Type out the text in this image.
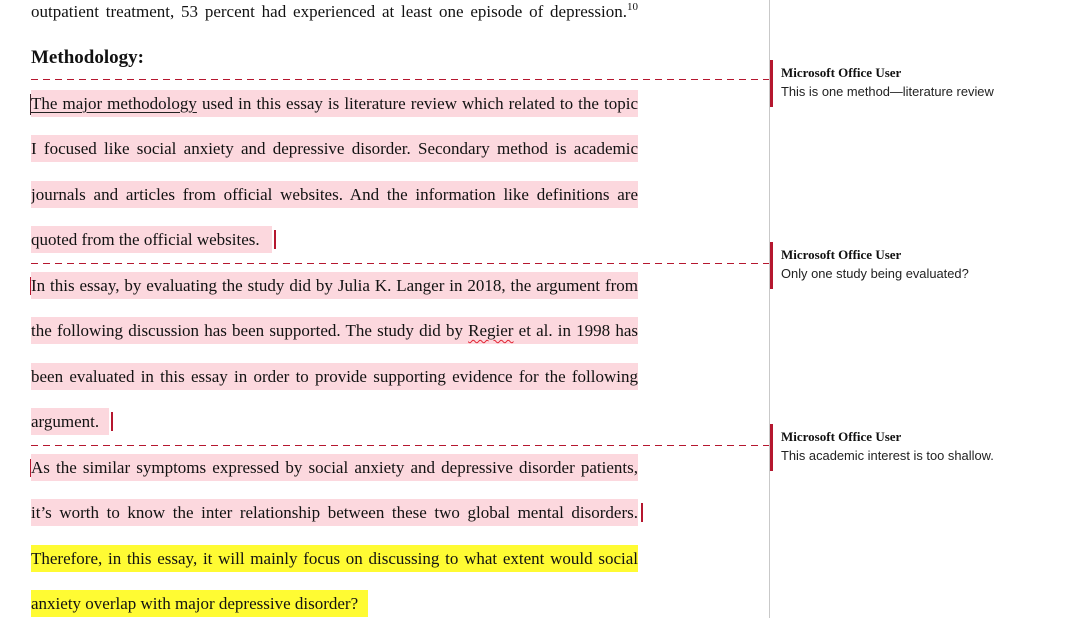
outpatient treatment, 53 percent had experienced at least one episode of depression.$^{10}$
Methodology:
The major methodology used in this essay is literature review which related to the topic
I focused like social anxiety and depressive disorder. Secondary method is academic
journals and articles from official websites. And the information like definitions are
quoted from the official websites.
In this essay, by evaluating the study did by Julia K. Langer in 2018, the argument from
the following discussion has been supported. The study did by Regier et al. in 1998 has
been evaluated in this essay in order to provide supporting evidence for the following
argument.
As the similar symptoms expressed by social anxiety and depressive disorder patients,
it’s worth to know the inter relationship between these two global mental disorders.
Therefore, in this essay, it will mainly focus on discussing to what extent would social
anxiety overlap with major depressive disorder?
Microsoft Office User
This is one method—literature review
Microsoft Office User
Only one study being evaluated?
Microsoft Office User
This academic interest is too shallow.
